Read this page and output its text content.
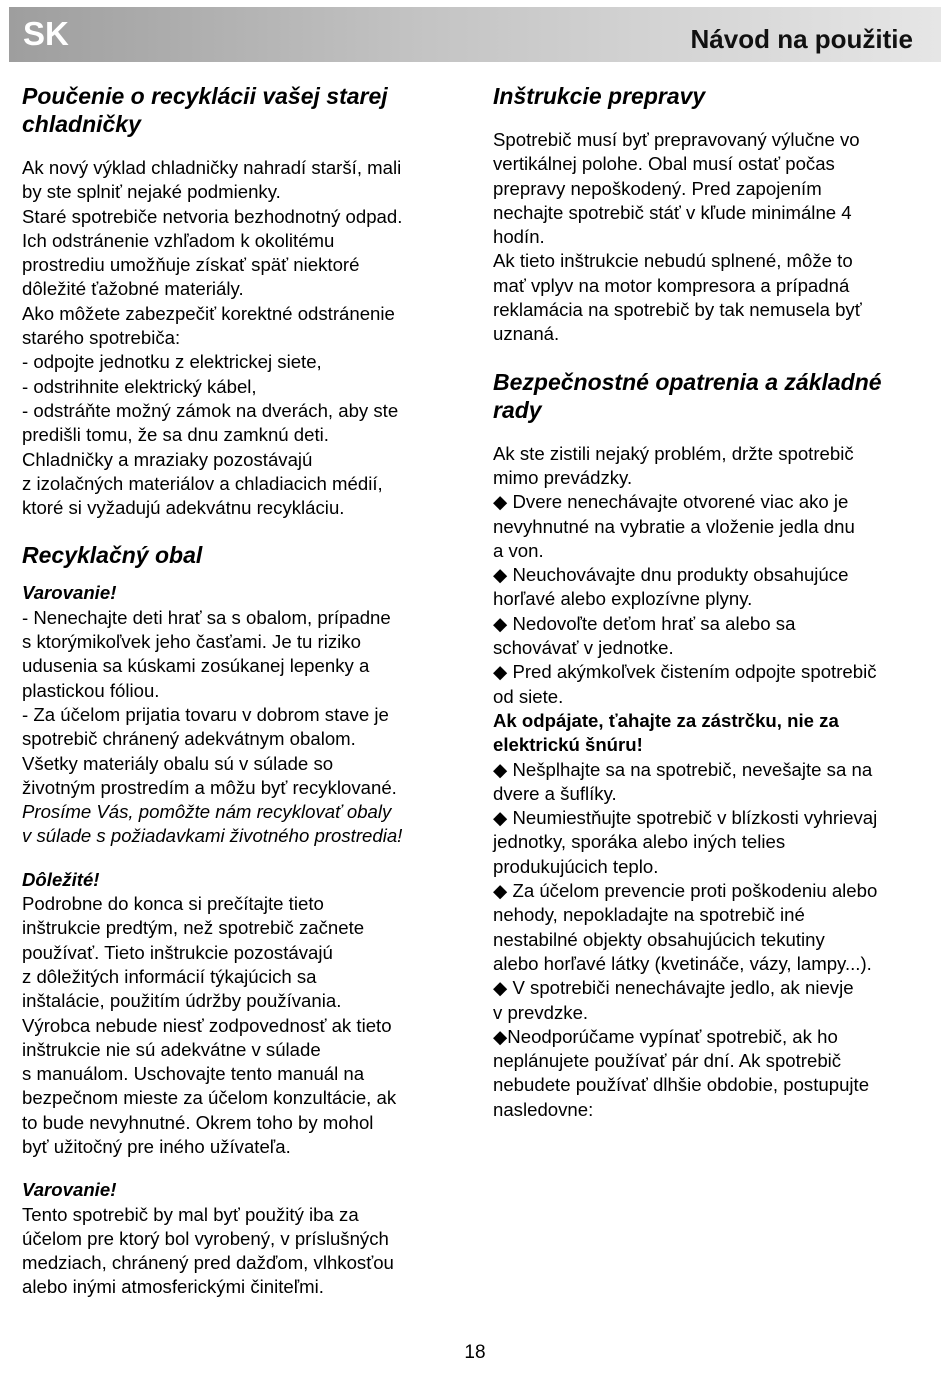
SK	Návod na použitie
Poučenie o recyklácii vašej starej
chladničky

Ak nový výklad chladničky nahradí starší, mali
by ste splniť nejaké podmienky.
Staré spotrebiče netvoria bezhodnotný odpad.
Ich odstránenie vzhľadom k okolitému
prostrediu umožňuje získať späť niektoré
dôležité ťažobné materiály.
Ako môžete zabezpečiť korektné odstránenie
starého spotrebiča:
- odpojte jednotku z elektrickej siete,
- odstrihnite elektrický kábel,
- odstráňte možný zámok na dverách, aby ste
predišli tomu, že sa dnu zamknú deti.
Chladničky a mraziaky pozostávajú
z izolačných materiálov a chladiacich médií,
ktoré si vyžadujú adekvátnu recykláciu.

Recyklačný obal

Varovanie!

- Nenechajte deti hrať sa s obalom, prípadne
s ktorýmikoľvek jeho časťami. Je tu riziko
udusenia sa kúskami zosúkanej lepenky a
plastickou fóliou.
- Za účelom prijatia tovaru v dobrom stave je
spotrebič chránený adekvátnym obalom.
Všetky materiály obalu sú v súlade so
životným prostredím a môžu byť recyklované.

Prosíme Vás, pomôžte nám recyklovať obaly
v súlade s požiadavkami životného prostredia!

Dôležité!

Podrobne do konca si prečítajte tieto
inštrukcie predtým, než spotrebič začnete
používať. Tieto inštrukcie pozostávajú
z dôležitých informácií týkajúcich sa
inštalácie, použitím údržby používania.
Výrobca nebude niesť zodpovednosť ak tieto
inštrukcie nie sú adekvátne v súlade
s manuálom. Uschovajte tento manuál na
bezpečnom mieste za účelom konzultácie, ak
to bude nevyhnutné. Okrem toho by mohol
byť užitočný pre iného užívateľa.

Varovanie!

Tento spotrebič by mal byť použitý iba za
účelom pre ktorý bol vyrobený, v príslušných
medziach, chránený pred dažďom, vlhkosťou
alebo inými atmosferickými činiteľmi.

Inštrukcie prepravy

Spotrebič musí byť prepravovaný výlučne vo
vertikálnej polohe. Obal musí ostať počas
prepravy nepoškodený. Pred zapojením
nechajte spotrebič stáť v kľude minimálne 4
hodín.
Ak tieto inštrukcie nebudú splnené, môže to
mať vplyv na motor kompresora a prípadná
reklamácia na spotrebič by tak nemusela byť
uznaná.

Bezpečnostné opatrenia a základné
rady

Ak ste zistili nejaký problém, držte spotrebič
mimo prevádzky.

◆ Dvere nenechávajte otvorené viac ako je
nevyhnutné na vybratie a vloženie jedla dnu
a von.
◆ Neuchovávajte dnu produkty obsahujúce
horľavé alebo explozívne plyny.
◆ Nedovoľte deťom hrať sa alebo sa
schovávať v jednotke.
◆ Pred akýmkoľvek čistením odpojte spotrebič
od siete.

Ak odpájate, ťahajte za zástrčku, nie za
elektrickú šnúru!

◆ Nešplhajte sa na spotrebič, nevešajte sa na
dvere a šuflíky.
◆ Neumiestňujte spotrebič v blízkosti vyhrievaj
jednotky, sporáka alebo iných telies
produkujúcich teplo.
◆ Za účelom prevencie proti poškodeniu alebo
nehody, nepokladajte na spotrebič iné
nestabilné objekty obsahujúcich tekutiny
alebo horľavé látky (kvetináče, vázy, lampy...).
◆ V spotrebiči nenechávajte jedlo, ak nievje
v prevdzke.
◆Neodporúčame vypínať spotrebič, ak ho
neplánujete používať pár dní. Ak spotrebič
nebudete používať dlhšie obdobie, postupujte
nasledovne:

18
